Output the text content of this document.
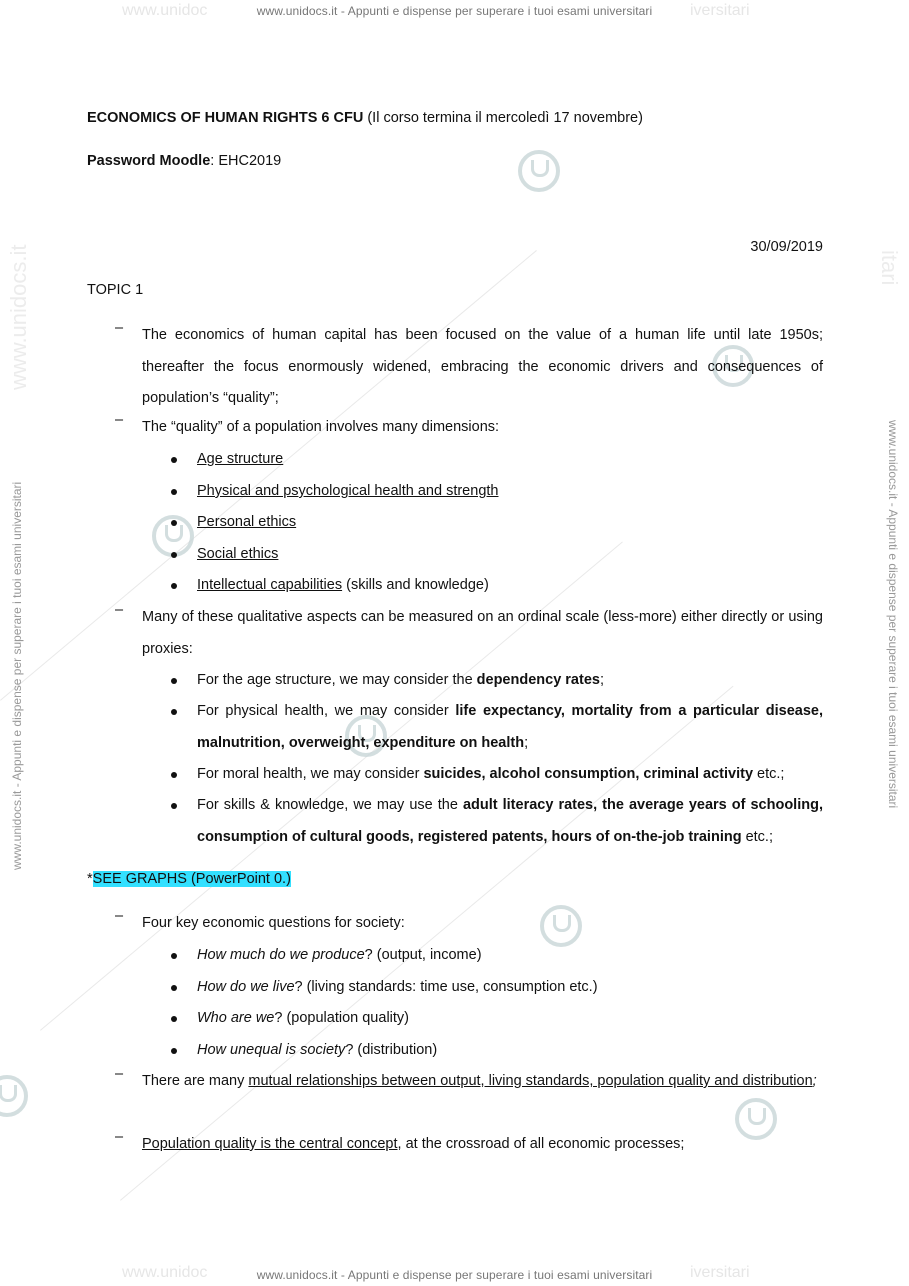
www.unidoc	iversitari
www.unidoc	iversitari
www.unidocs.it - Appunti e dispense per superare i tuoi esami universitari
www.unidocs.it - Appunti e dispense per superare i tuoi esami universitari
www.unidocs.it	itari
www.unidocs.it - Appunti e dispense per superare i tuoi esami universitari	www.unidocs.it - Appunti e dispense per superare i tuoi esami universitari
ECONOMICS OF HUMAN RIGHTS 6 CFU (Il corso termina il mercoledì 17 novembre)
Password Moodle: EHC2019
30/09/2019
TOPIC 1
– The economics of human capital has been focused on the value of a human life until late 1950s; thereafter the focus enormously widened, embracing the economic drivers and consequences of population’s “quality”;
– The “quality” of a population involves many dimensions:
Age structure
Physical and psychological health and strength
Personal ethics
Social ethics
Intellectual capabilities (skills and knowledge)
– Many of these qualitative aspects can be measured on an ordinal scale (less-more) either directly or using proxies:
For the age structure, we may consider the dependency rates;
For physical health, we may consider life expectancy, mortality from a particular disease, malnutrition, overweight, expenditure on health;
For moral health, we may consider suicides, alcohol consumption, criminal activity etc.;
For skills & knowledge, we may use the adult literacy rates, the average years of schooling, consumption of cultural goods, registered patents, hours of on-the-job training etc.;
*SEE GRAPHS (PowerPoint 0.)
– Four key economic questions for society:
How much do we produce? (output, income)
How do we live? (living standards: time use, consumption etc.)
Who are we? (population quality)
How unequal is society? (distribution)
– There are many mutual relationships between output, living standards, population quality and distribution;
– Population quality is the central concept, at the crossroad of all economic processes;
